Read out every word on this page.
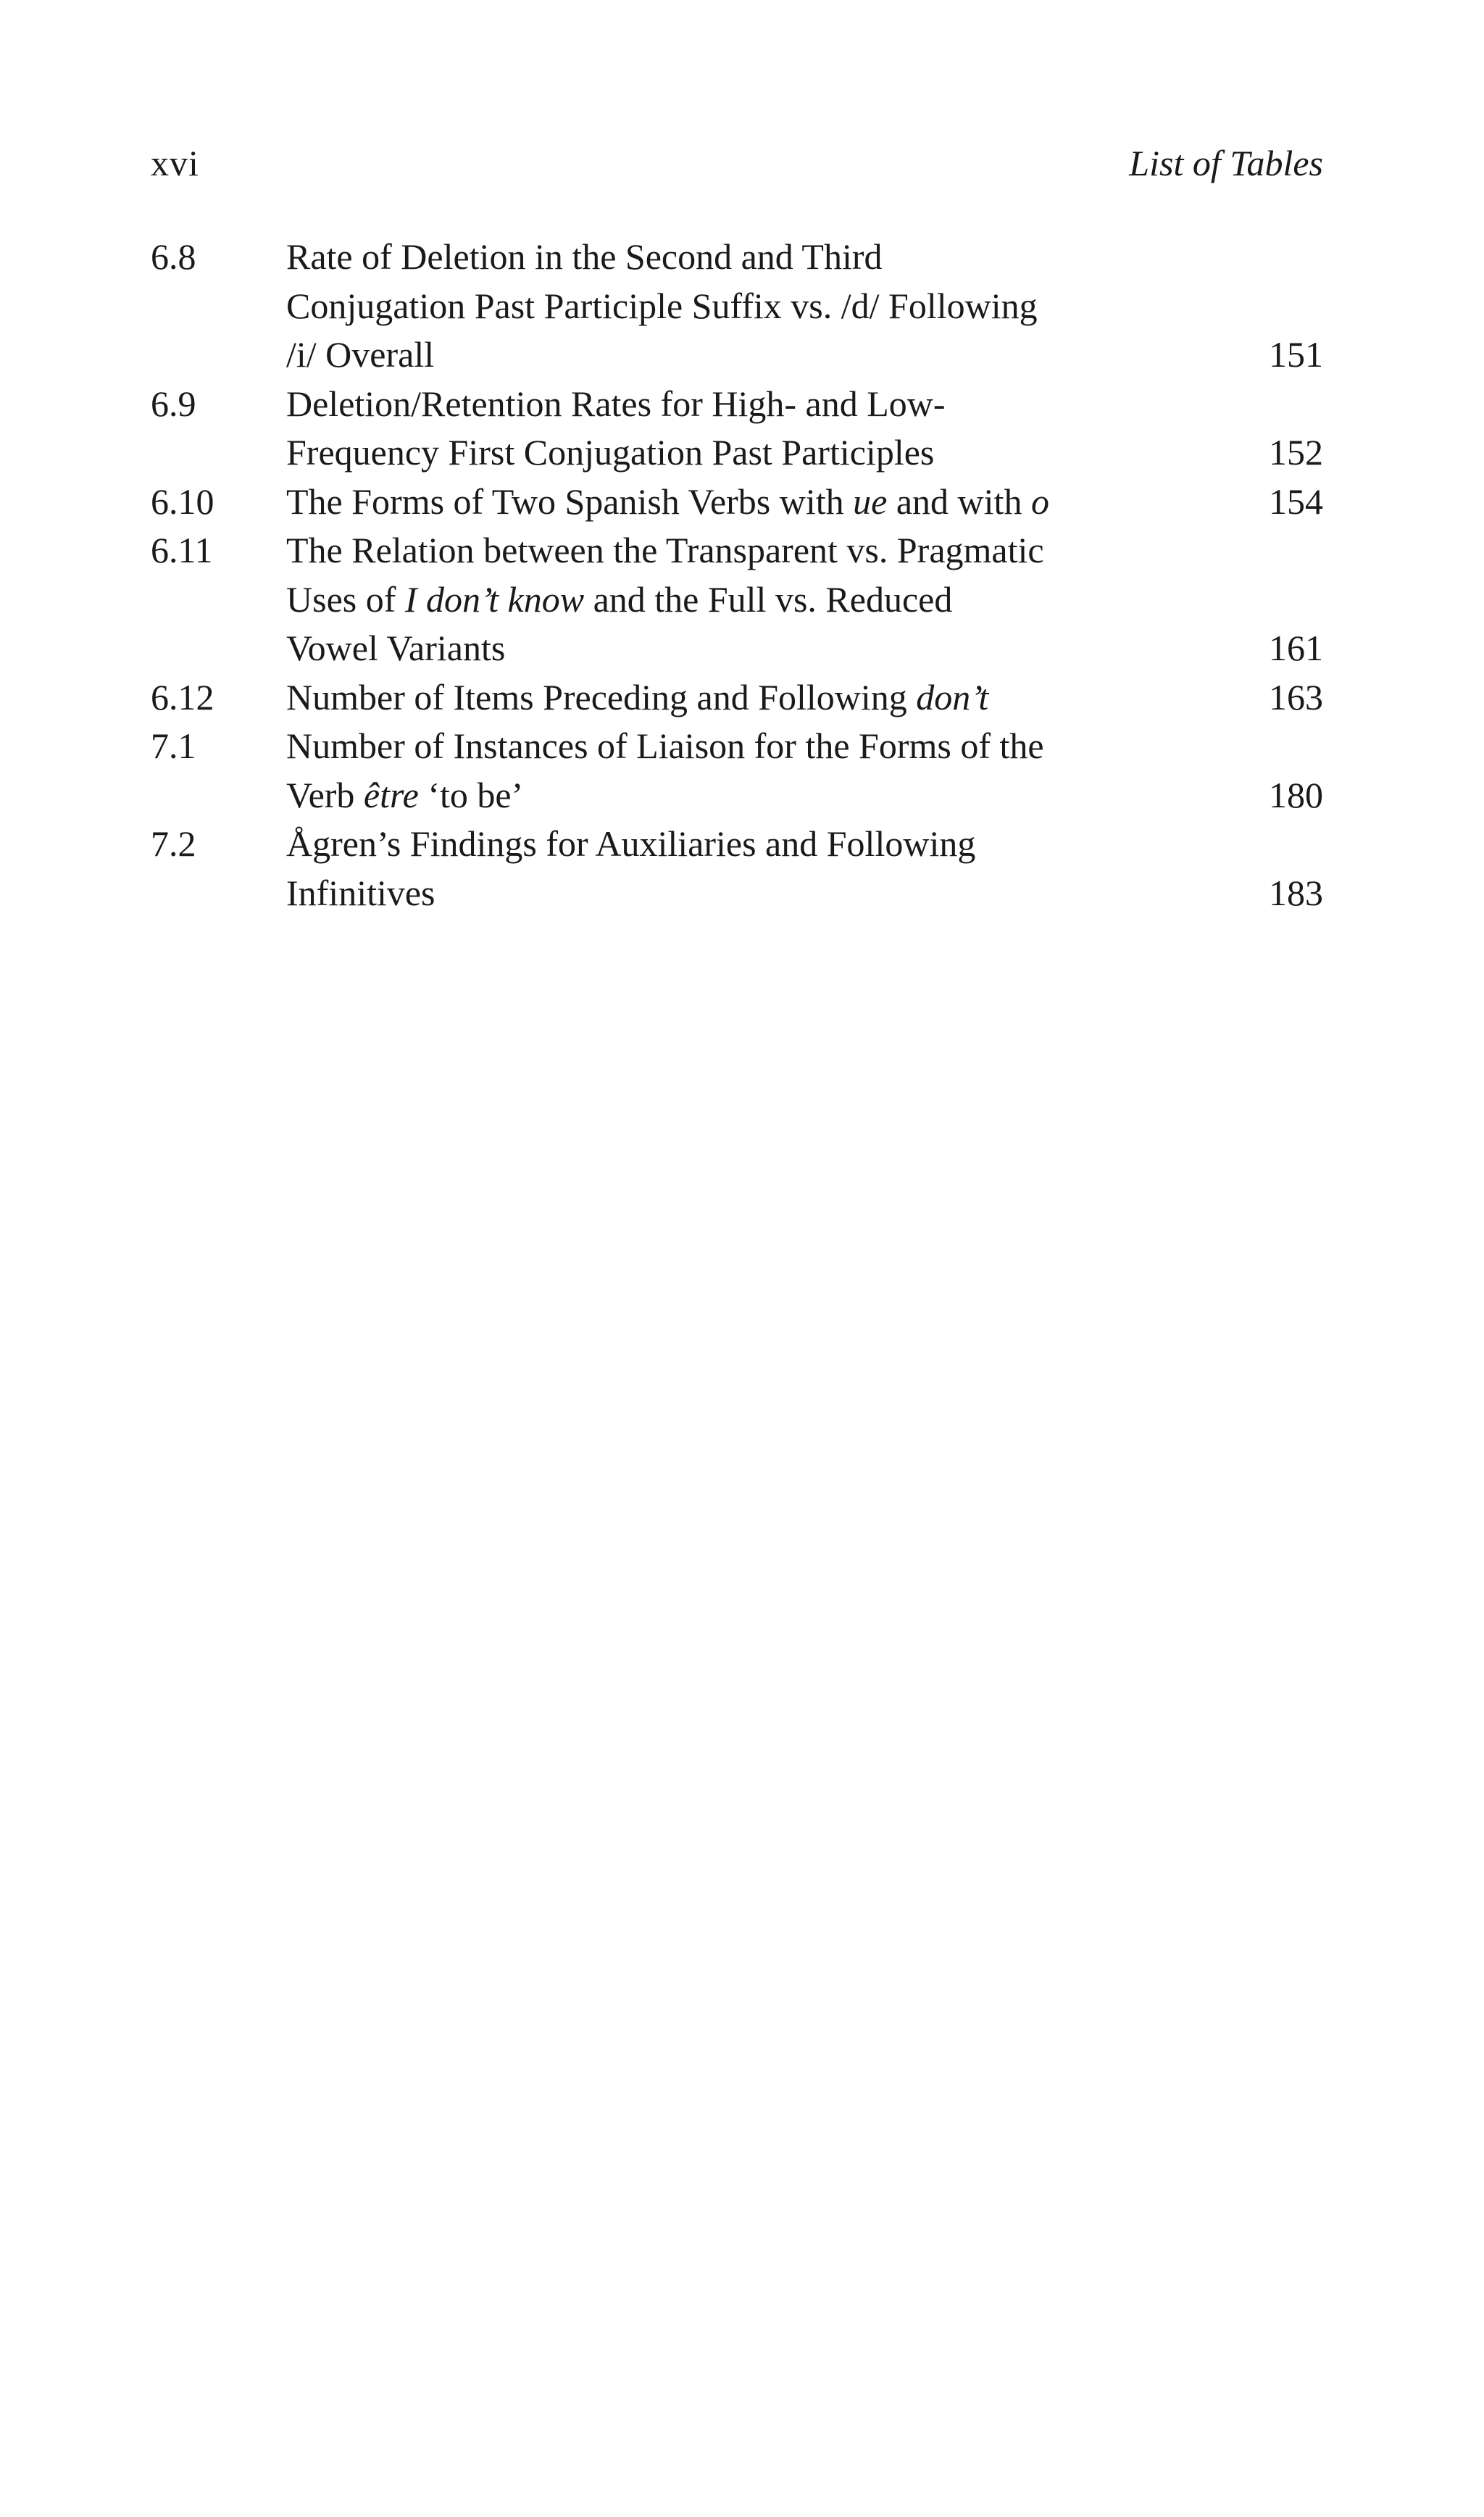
xvi	List of Tables
6.8	Rate of Deletion in the Second and Third
Conjugation Past Participle Suffix vs. /d/ Following
/i/ Overall	151
6.9	Deletion/Retention Rates for High- and Low-
Frequency First Conjugation Past Participles	152
6.10	The Forms of Two Spanish Verbs with ue and with o	154
6.11	The Relation between the Transparent vs. Pragmatic
Uses of I don’t know and the Full vs. Reduced
Vowel Variants	161
6.12	Number of Items Preceding and Following don’t	163
7.1	Number of Instances of Liaison for the Forms of the
Verb être ‘to be’	180
7.2	Ågren’s Findings for Auxiliaries and Following
Infinitives	183
